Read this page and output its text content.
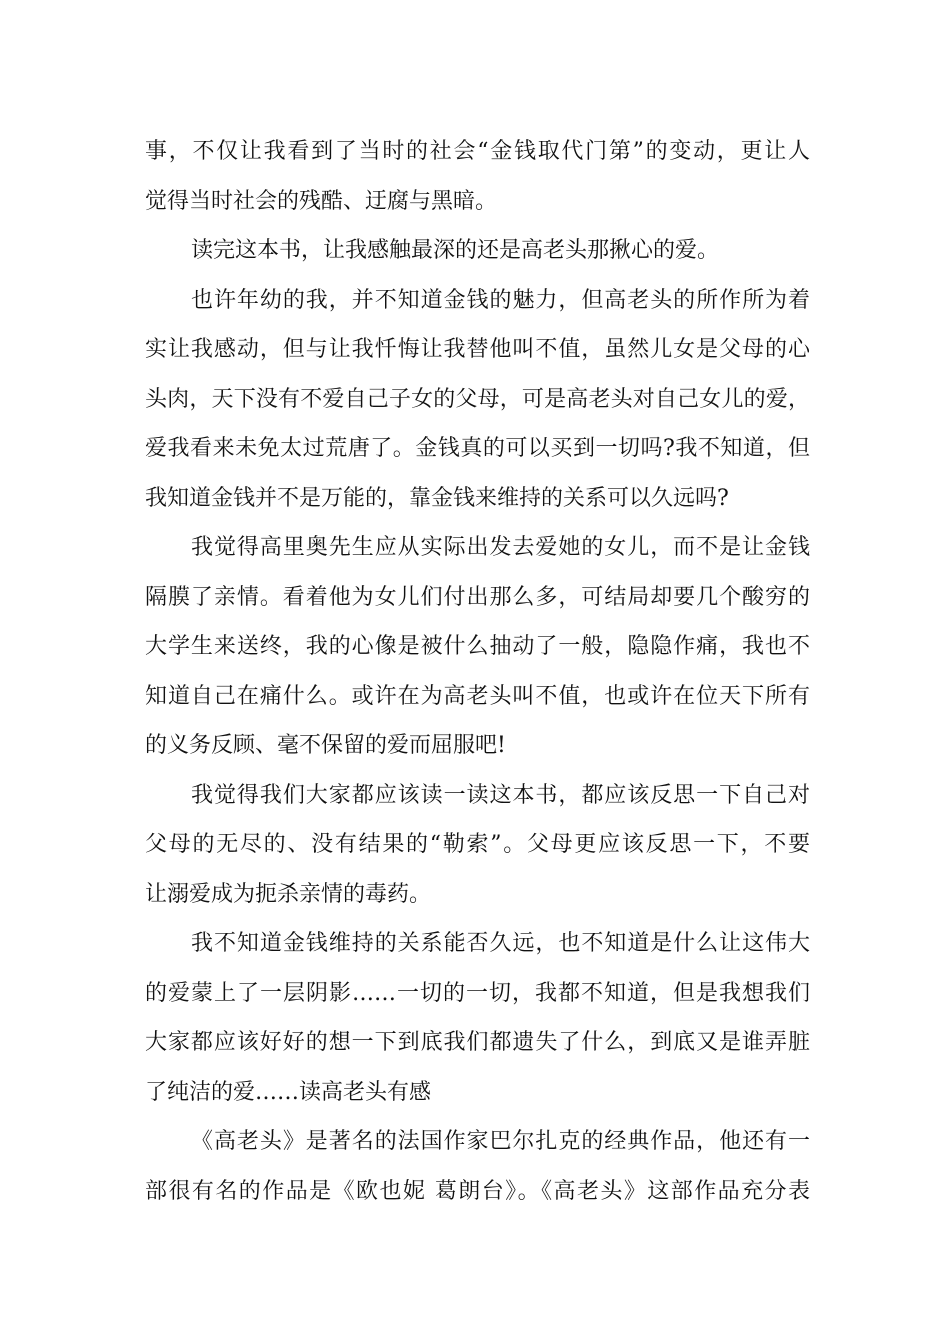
事，不仅让我看到了当时的社会“金钱取代门第”的变动，更让人
觉得当时社会的残酷、迂腐与黑暗。
读完这本书，让我感触最深的还是高老头那揪心的爱。
也许年幼的我，并不知道金钱的魅力，但高老头的所作所为着
实让我感动，但与让我忏悔让我替他叫不值，虽然儿女是父母的心
头肉，天下没有不爱自己子女的父母，可是高老头对自己女儿的爱，
爱我看来未免太过荒唐了。金钱真的可以买到一切吗?我不知道，但
我知道金钱并不是万能的，靠金钱来维持的关系可以久远吗?
我觉得高里奥先生应从实际出发去爱她的女儿，而不是让金钱
隔膜了亲情。看着他为女儿们付出那么多，可结局却要几个酸穷的
大学生来送终，我的心像是被什么抽动了一般，隐隐作痛，我也不
知道自己在痛什么。或许在为高老头叫不值，也或许在位天下所有
的义务反顾、毫不保留的爱而屈服吧!
我觉得我们大家都应该读一读这本书，都应该反思一下自己对
父母的无尽的、没有结果的“勒索”。父母更应该反思一下，不要
让溺爱成为扼杀亲情的毒药。
我不知道金钱维持的关系能否久远，也不知道是什么让这伟大
的爱蒙上了一层阴影……一切的一切，我都不知道，但是我想我们
大家都应该好好的想一下到底我们都遗失了什么，到底又是谁弄脏
了纯洁的爱……读高老头有感
《高老头》是著名的法国作家巴尔扎克的经典作品，他还有一
部很有名的作品是《欧也妮 葛朗台》。《高老头》这部作品充分表
